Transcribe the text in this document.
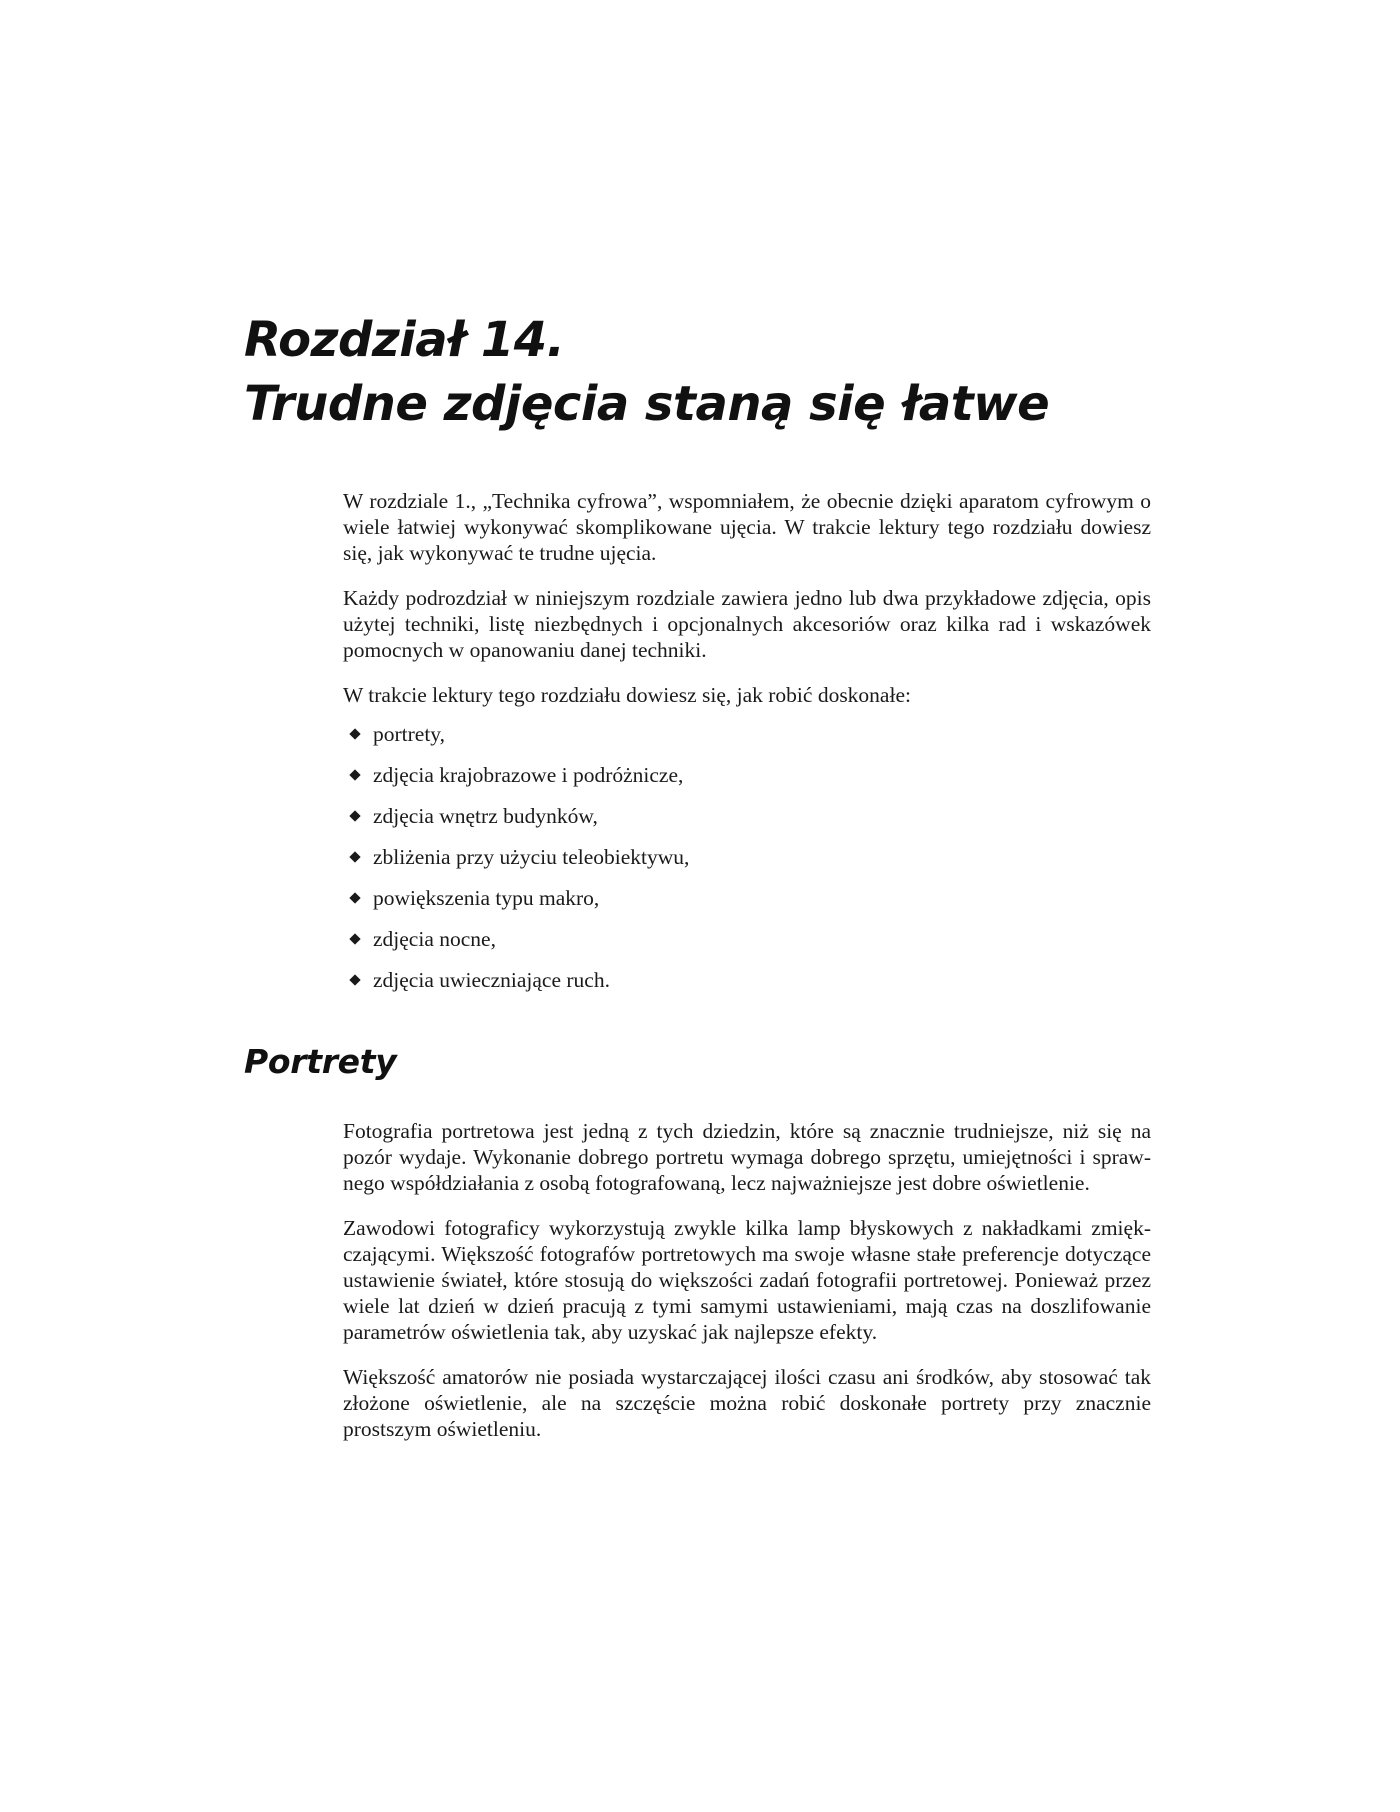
Rozdział 14.
Trudne zdjęcia staną się łatwe

W rozdziale 1., „Technika cyfrowa”, wspomniałem, że obecnie dzięki aparatom cyfrowym o wiele łatwiej wykonywać skomplikowane ujęcia. W trakcie lektury tego rozdziału dowiesz się, jak wykonywać te trudne ujęcia.

Każdy podrozdział w niniejszym rozdziale zawiera jedno lub dwa przykładowe zdjęcia, opis użytej techniki, listę niezbędnych i opcjonalnych akcesoriów oraz kilka rad i wskazówek pomocnych w opanowaniu danej techniki.

W trakcie lektury tego rozdziału dowiesz się, jak robić doskonałe:

portrety,
zdjęcia krajobrazowe i podróżnicze,
zdjęcia wnętrz budynków,
zbliżenia przy użyciu teleobiektywu,
powiększenia typu makro,
zdjęcia nocne,
zdjęcia uwieczniające ruch.
Portrety

Fotografia portretowa jest jedną z tych dziedzin, które są znacznie trudniejsze, niż się na pozór wydaje. Wykonanie dobrego portretu wymaga dobrego sprzętu, umiejętności i sprawnego współdziałania z osobą fotografowaną, lecz najważniejsze jest dobre oświetlenie.

Zawodowi fotograficy wykorzystują zwykle kilka lamp błyskowych z nakładkami zmiękczającymi. Większość fotografów portretowych ma swoje własne stałe preferencje dotyczące ustawienie świateł, które stosują do większości zadań fotografii portretowej. Ponieważ przez wiele lat dzień w dzień pracują z tymi samymi ustawieniami, mają czas na doszlifowanie parametrów oświetlenia tak, aby uzyskać jak najlepsze efekty.

Większość amatorów nie posiada wystarczającej ilości czasu ani środków, aby stosować tak złożone oświetlenie, ale na szczęście można robić doskonałe portrety przy znacznie prostszym oświetleniu.
